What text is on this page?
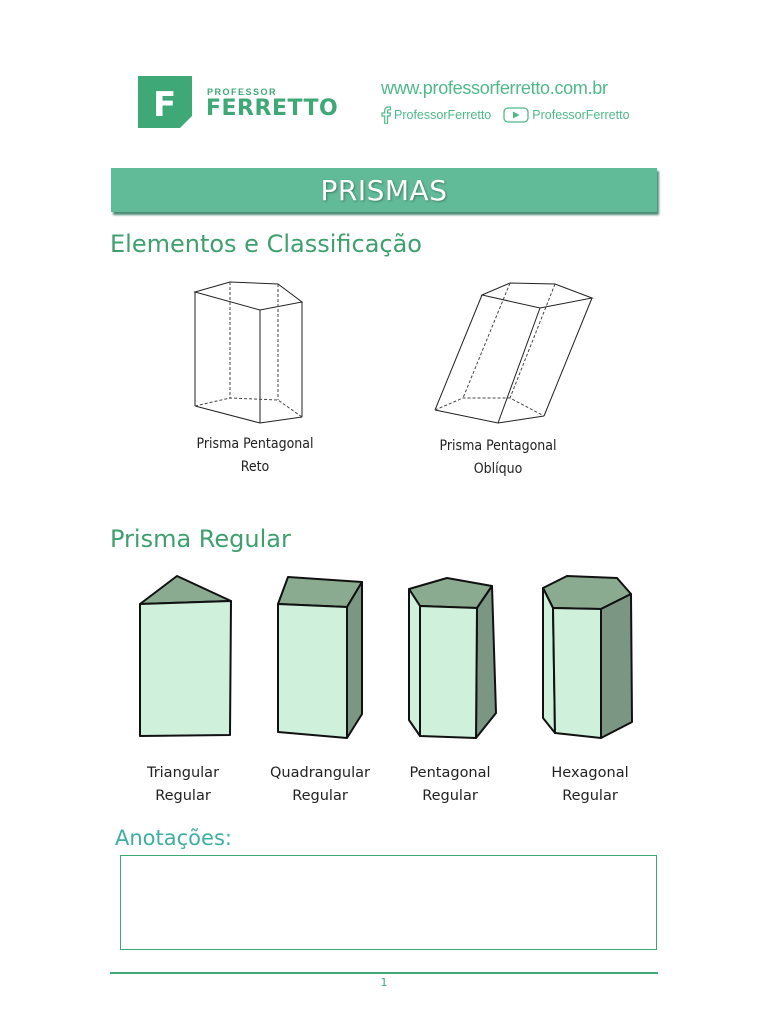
F	PROFESSOR
FERRETTO
www.professorferretto.com.br
ProfessorFerretto	ProfessorFerretto
PRISMAS
Elementos e Classificação
Prisma Pentagonal
Reto
Prisma Pentagonal
Oblíquo
Prisma Regular
Triangular
Regular
Quadrangular
Regular
Pentagonal
Regular
Hexagonal
Regular
Anotações:
1
